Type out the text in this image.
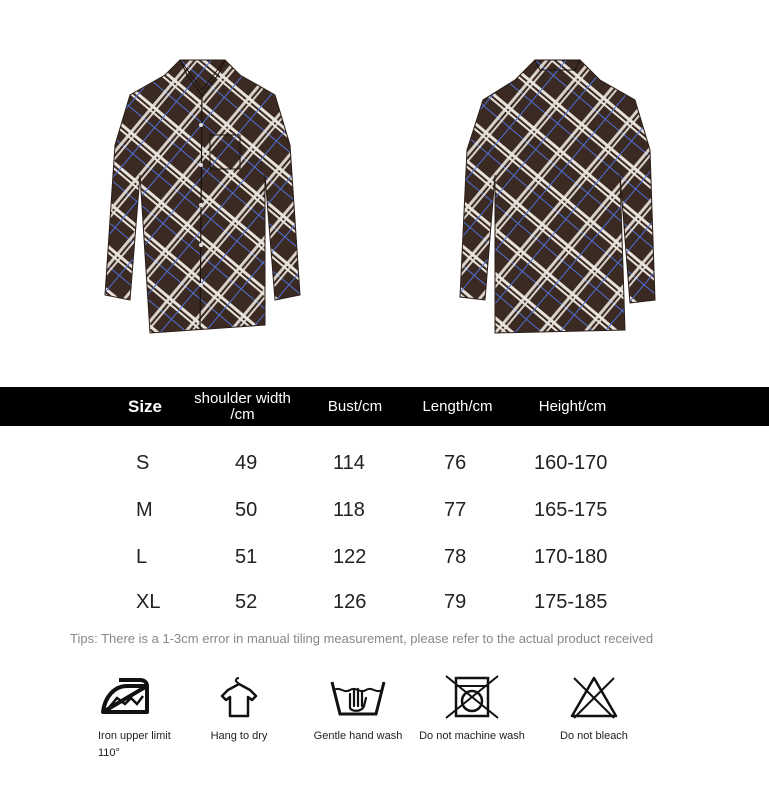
Size	shoulder width /cm	Bust/cm	Length/cm	Height/cm
S	49	114	76	160-170
M	50	118	77	165-175
L	51	122	78	170-180
XL	52	126	79	175-185
Tips: There is a 1-3cm error in manual tiling measurement, please refer to the actual product received
Iron upper limit 110°
Hang to dry	Gentle hand wash	Do not machine wash	Do not bleach
